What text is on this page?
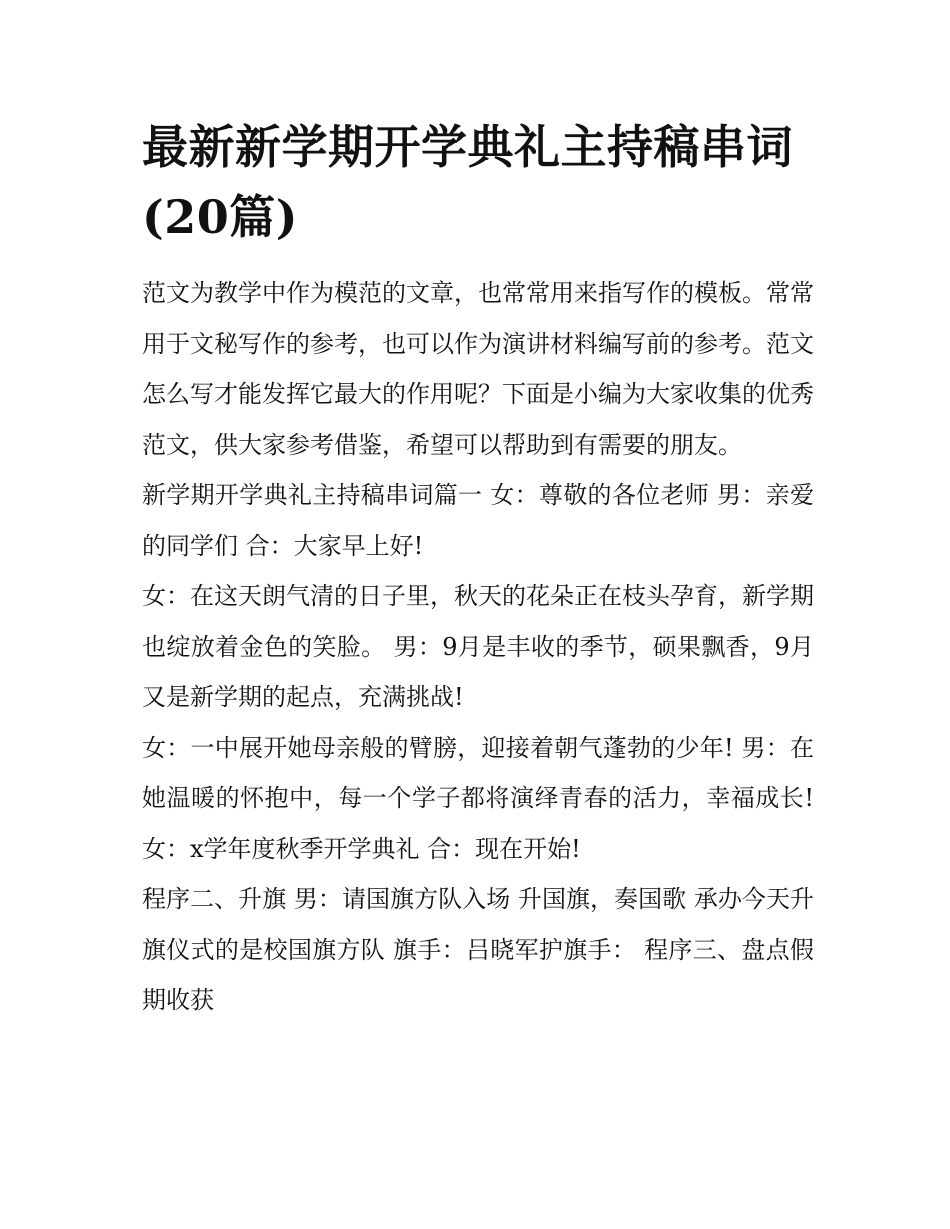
最新新学期开学典礼主持稿串词(20篇)

范文为教学中作为模范的文章，也常常用来指写作的模板。常常用于文秘写作的参考，也可以作为演讲材料编写前的参考。范文怎么写才能发挥它最大的作用呢？下面是小编为大家收集的优秀范文，供大家参考借鉴，希望可以帮助到有需要的朋友。

新学期开学典礼主持稿串词篇一 女：尊敬的各位老师 男：亲爱的同学们 合：大家早上好!

女：在这天朗气清的日子里，秋天的花朵正在枝头孕育，新学期也绽放着金色的笑脸。 男：9月是丰收的季节，硕果飘香，9月又是新学期的起点，充满挑战!

女：一中展开她母亲般的臂膀，迎接着朝气蓬勃的少年! 男：在她温暖的怀抱中，每一个学子都将演绎青春的活力，幸福成长! 女：x学年度秋季开学典礼 合：现在开始!

程序二、升旗 男：请国旗方队入场 升国旗，奏国歌 承办今天升旗仪式的是校国旗方队 旗手：吕晓军护旗手： 程序三、盘点假期收获
